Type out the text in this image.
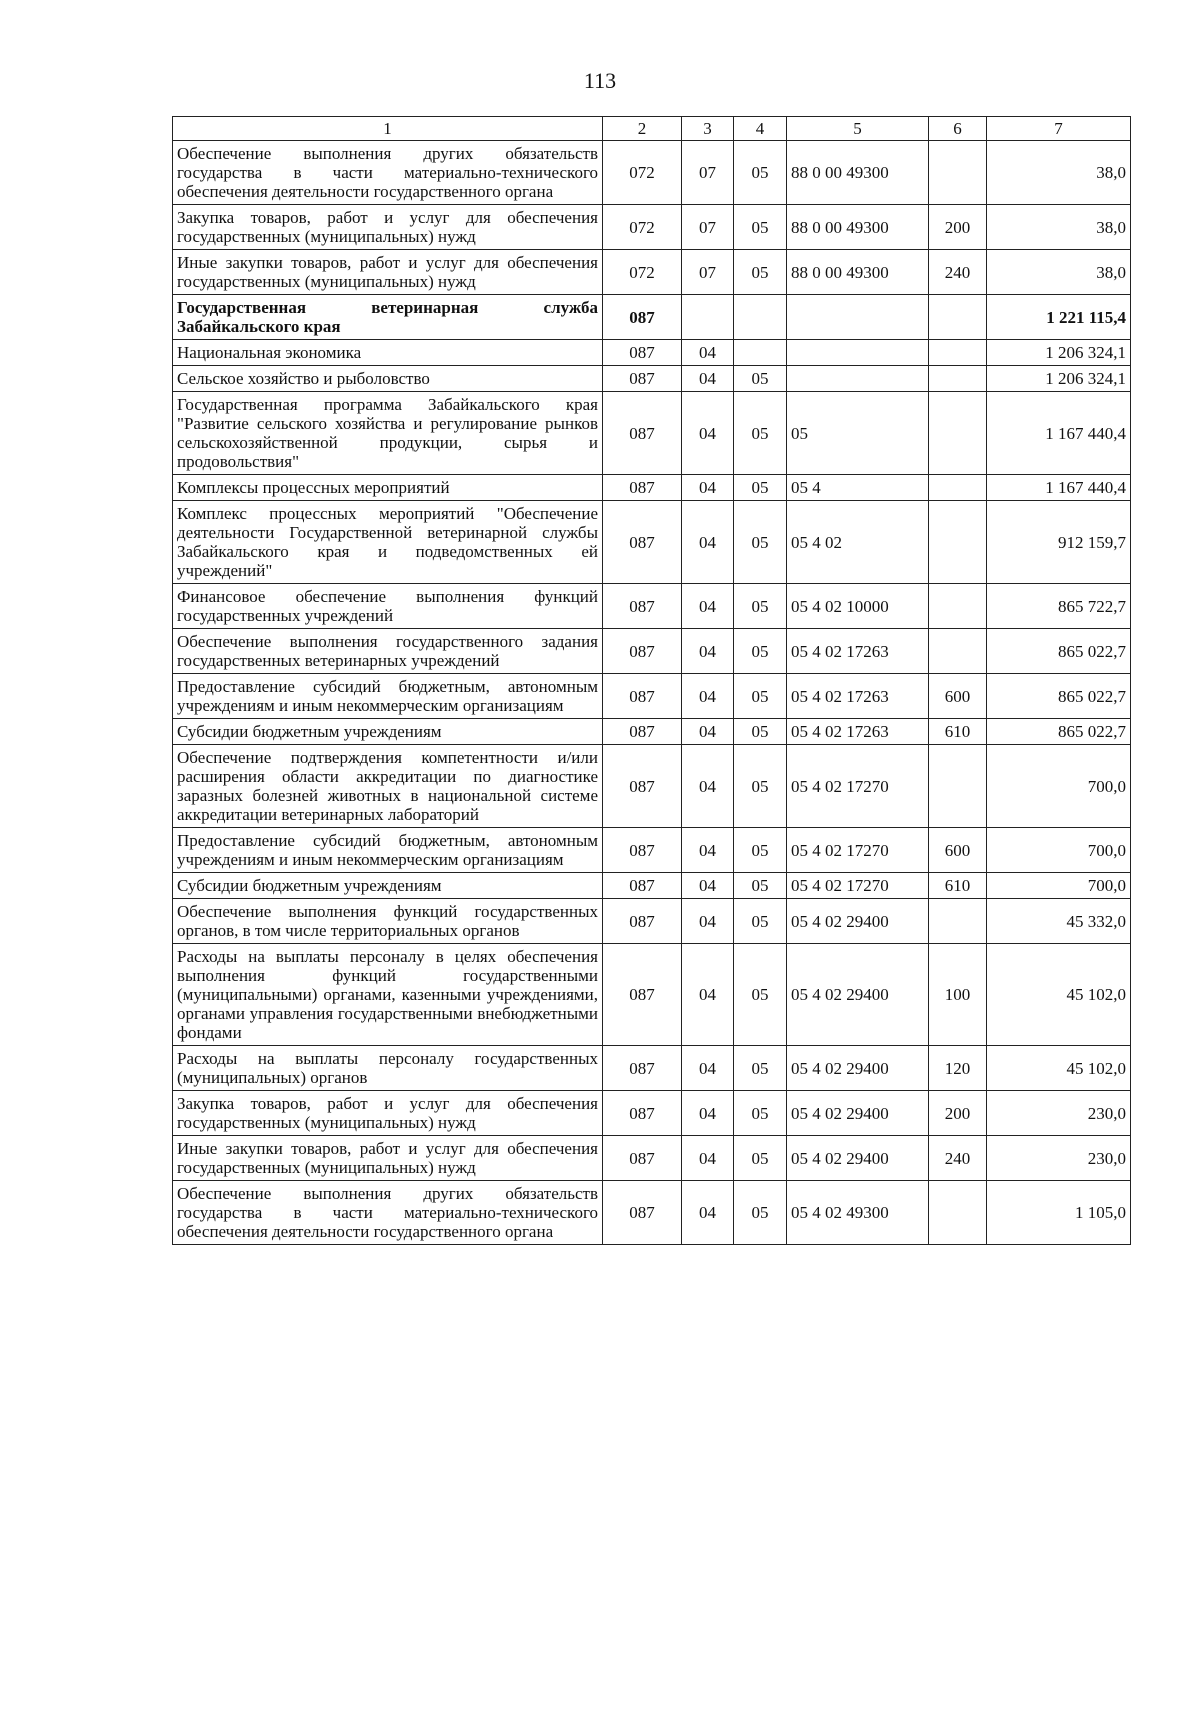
113
1	2	3	4	5	6	7
Обеспечение выполнения других обязательств государства в части материально-технического обеспечения деятельности государственного органа	072	07	05	88 0 00 49300		38,0
Закупка товаров, работ и услуг для обеспечения государственных (муниципальных) нужд	072	07	05	88 0 00 49300	200	38,0
Иные закупки товаров, работ и услуг для обеспечения государственных (муниципальных) нужд	072	07	05	88 0 00 49300	240	38,0
Государственная ветеринарная служба Забайкальского края	087					1 221 115,4
Национальная экономика	087	04				1 206 324,1
Сельское хозяйство и рыболовство	087	04	05			1 206 324,1
Государственная программа Забайкальского края "Развитие сельского хозяйства и регулирование рынков сельскохозяйственной продукции, сырья и продовольствия"	087	04	05	05		1 167 440,4
Комплексы процессных мероприятий	087	04	05	05 4		1 167 440,4
Комплекс процессных мероприятий "Обеспечение деятельности Государственной ветеринарной службы Забайкальского края и подведомственных ей учреждений"	087	04	05	05 4 02		912 159,7
Финансовое обеспечение выполнения функций государственных учреждений	087	04	05	05 4 02 10000		865 722,7
Обеспечение выполнения государственного задания государственных ветеринарных учреждений	087	04	05	05 4 02 17263		865 022,7
Предоставление субсидий бюджетным, автономным учреждениям и иным некоммерческим организациям	087	04	05	05 4 02 17263	600	865 022,7
Субсидии бюджетным учреждениям	087	04	05	05 4 02 17263	610	865 022,7
Обеспечение подтверждения компетентности и/или расширения области аккредитации по диагностике заразных болезней животных в национальной системе аккредитации ветеринарных лабораторий	087	04	05	05 4 02 17270		700,0
Предоставление субсидий бюджетным, автономным учреждениям и иным некоммерческим организациям	087	04	05	05 4 02 17270	600	700,0
Субсидии бюджетным учреждениям	087	04	05	05 4 02 17270	610	700,0
Обеспечение выполнения функций государственных органов, в том числе территориальных органов	087	04	05	05 4 02 29400		45 332,0
Расходы на выплаты персоналу в целях обеспечения выполнения функций государственными (муниципальными) органами, казенными учреждениями, органами управления государственными внебюджетными фондами	087	04	05	05 4 02 29400	100	45 102,0
Расходы на выплаты персоналу государственных (муниципальных) органов	087	04	05	05 4 02 29400	120	45 102,0
Закупка товаров, работ и услуг для обеспечения государственных (муниципальных) нужд	087	04	05	05 4 02 29400	200	230,0
Иные закупки товаров, работ и услуг для обеспечения государственных (муниципальных) нужд	087	04	05	05 4 02 29400	240	230,0
Обеспечение выполнения других обязательств государства в части материально-технического обеспечения деятельности государственного органа	087	04	05	05 4 02 49300		1 105,0
